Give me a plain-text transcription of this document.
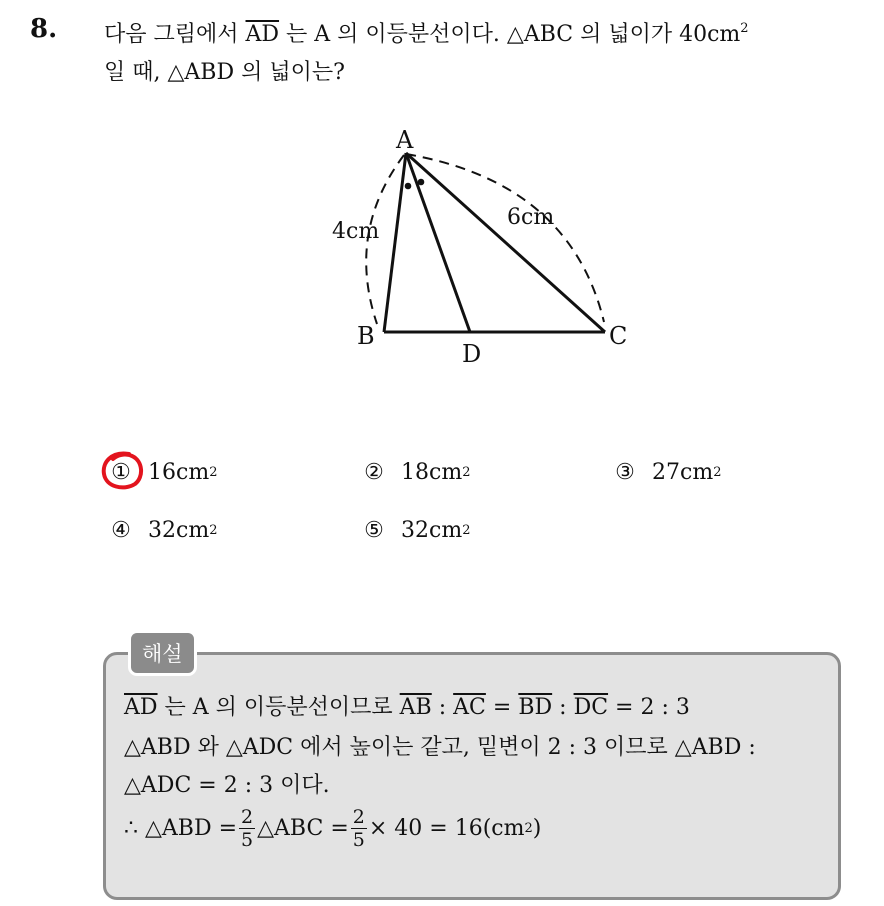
8. 다음 그림에서 $\overline{AD}$ 는 A 의 이등분선이다. △ABC 의 넓이가 $40cm^2$
일 때, △ABD 의 넓이는?
A
B	C
D
4cm
6cm
① 16cm 2	② 18cm 2	③ 27cm 2
④ 32cm 2	⑤ 32cm 2
해설
$\overline{AD}$ 는 A 의 이등분선이므로 $\overline{AB}$ : $\overline{AC} = \overline{BD}$ : $\overline{DC} = 2$ : 3
△ABD 와 △ADC 에서 높이는 같고, 밑변이 2 : 3 이므로 △ABD :
△ADC = 2 : 3 이다.
∴ △ABD = $\frac{2}{5}$ △ABC = $\frac{2}{5} \times 40 = 16(cm$ 2 )
